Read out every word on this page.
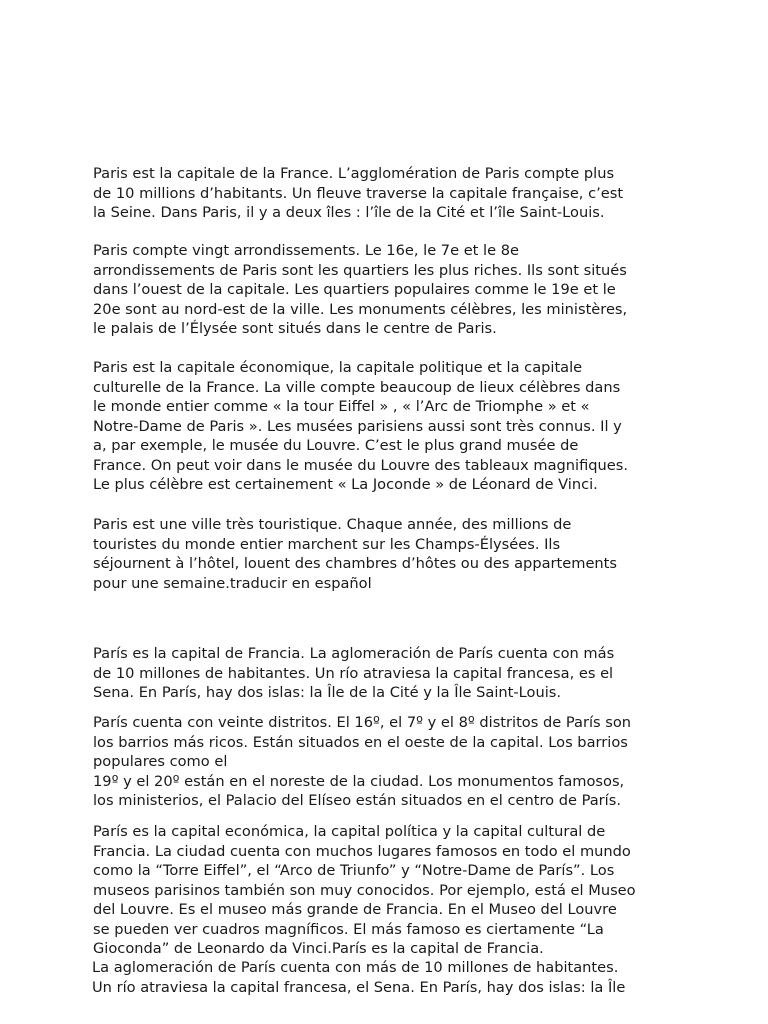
Paris est la capitale de la France. L’agglomération de Paris compte plus
de 10 millions d’habitants. Un fleuve traverse la capitale française, c’est
la Seine. Dans Paris, il y a deux îles : l’île de la Cité et l’île Saint-Louis.

Paris compte vingt arrondissements. Le 16e, le 7e et le 8e
arrondissements de Paris sont les quartiers les plus riches. Ils sont situés
dans l’ouest de la capitale. Les quartiers populaires comme le 19e et le
20e sont au nord-est de la ville. Les monuments célèbres, les ministères,
le palais de l’Élysée sont situés dans le centre de Paris.

Paris est la capitale économique, la capitale politique et la capitale
culturelle de la France. La ville compte beaucoup de lieux célèbres dans
le monde entier comme « la tour Eiffel » , « l’Arc de Triomphe » et «
Notre-Dame de Paris ». Les musées parisiens aussi sont très connus. Il y
a, par exemple, le musée du Louvre. C’est le plus grand musée de
France. On peut voir dans le musée du Louvre des tableaux magnifiques.
Le plus célèbre est certainement « La Joconde » de Léonard de Vinci.

Paris est une ville très touristique. Chaque année, des millions de
touristes du monde entier marchent sur les Champs-Élysées. Ils
séjournent à l’hôtel, louent des chambres d’hôtes ou des appartements
pour une semaine.traducir en español

París es la capital de Francia. La aglomeración de París cuenta con más
de 10 millones de habitantes. Un río atraviesa la capital francesa, es el
Sena. En París, hay dos islas: la Île de la Cité y la Île Saint-Louis.

París cuenta con veinte distritos. El 16º, el 7º y el 8º distritos de París son
los barrios más ricos. Están situados en el oeste de la capital. Los barrios
populares como el
19º y el 20º están en el noreste de la ciudad. Los monumentos famosos,
los ministerios, el Palacio del Elíseo están situados en el centro de París.

París es la capital económica, la capital política y la capital cultural de
Francia. La ciudad cuenta con muchos lugares famosos en todo el mundo
como la “Torre Eiffel”, el “Arco de Triunfo” y “Notre-Dame de París”. Los
museos parisinos también son muy conocidos. Por ejemplo, está el Museo
del Louvre. Es el museo más grande de Francia. En el Museo del Louvre
se pueden ver cuadros magníficos. El más famoso es ciertamente “La
Gioconda” de Leonardo da Vinci.París es la capital de Francia.

La aglomeración de París cuenta con más de 10 millones de habitantes.
Un río atraviesa la capital francesa, el Sena. En París, hay dos islas: la Île
